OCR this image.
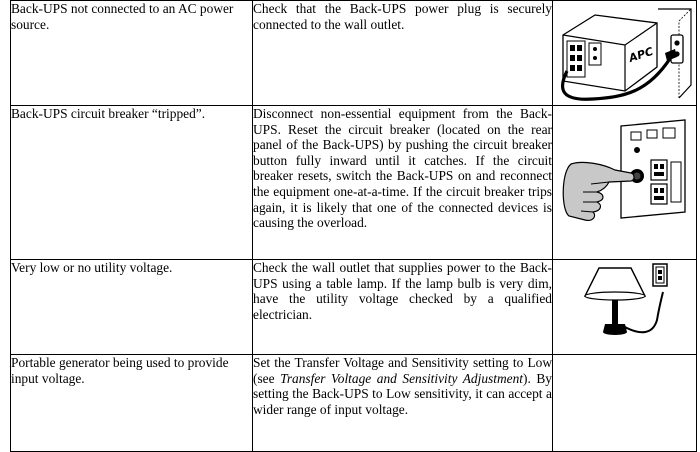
Back-UPS not connected to an AC power source.	Check that the Back-UPS power plug is securely connected to the wall outlet.	APC

Back-UPS circuit breaker “tripped”.	Disconnect non-essential equipment from the Back-UPS. Reset the circuit breaker (located on the rear panel of the Back-UPS) by pushing the circuit breaker button fully inward until it catches. If the circuit breaker resets, switch the Back-UPS on and reconnect the equipment one-at-a-time. If the circuit breaker trips again, it is likely that one of the connected devices is causing the overload.	

Very low or no utility voltage.	Check the wall outlet that supplies power to the Back-UPS using a table lamp. If the lamp bulb is very dim, have the utility voltage checked by a qualified electrician.	

Portable generator being used to provide input voltage.	Set the Transfer Voltage and Sensitivity setting to Low (see Transfer Voltage and Sensitivity Adjustment). By setting the Back-UPS to Low sensitivity, it can accept a wider range of input voltage.	
